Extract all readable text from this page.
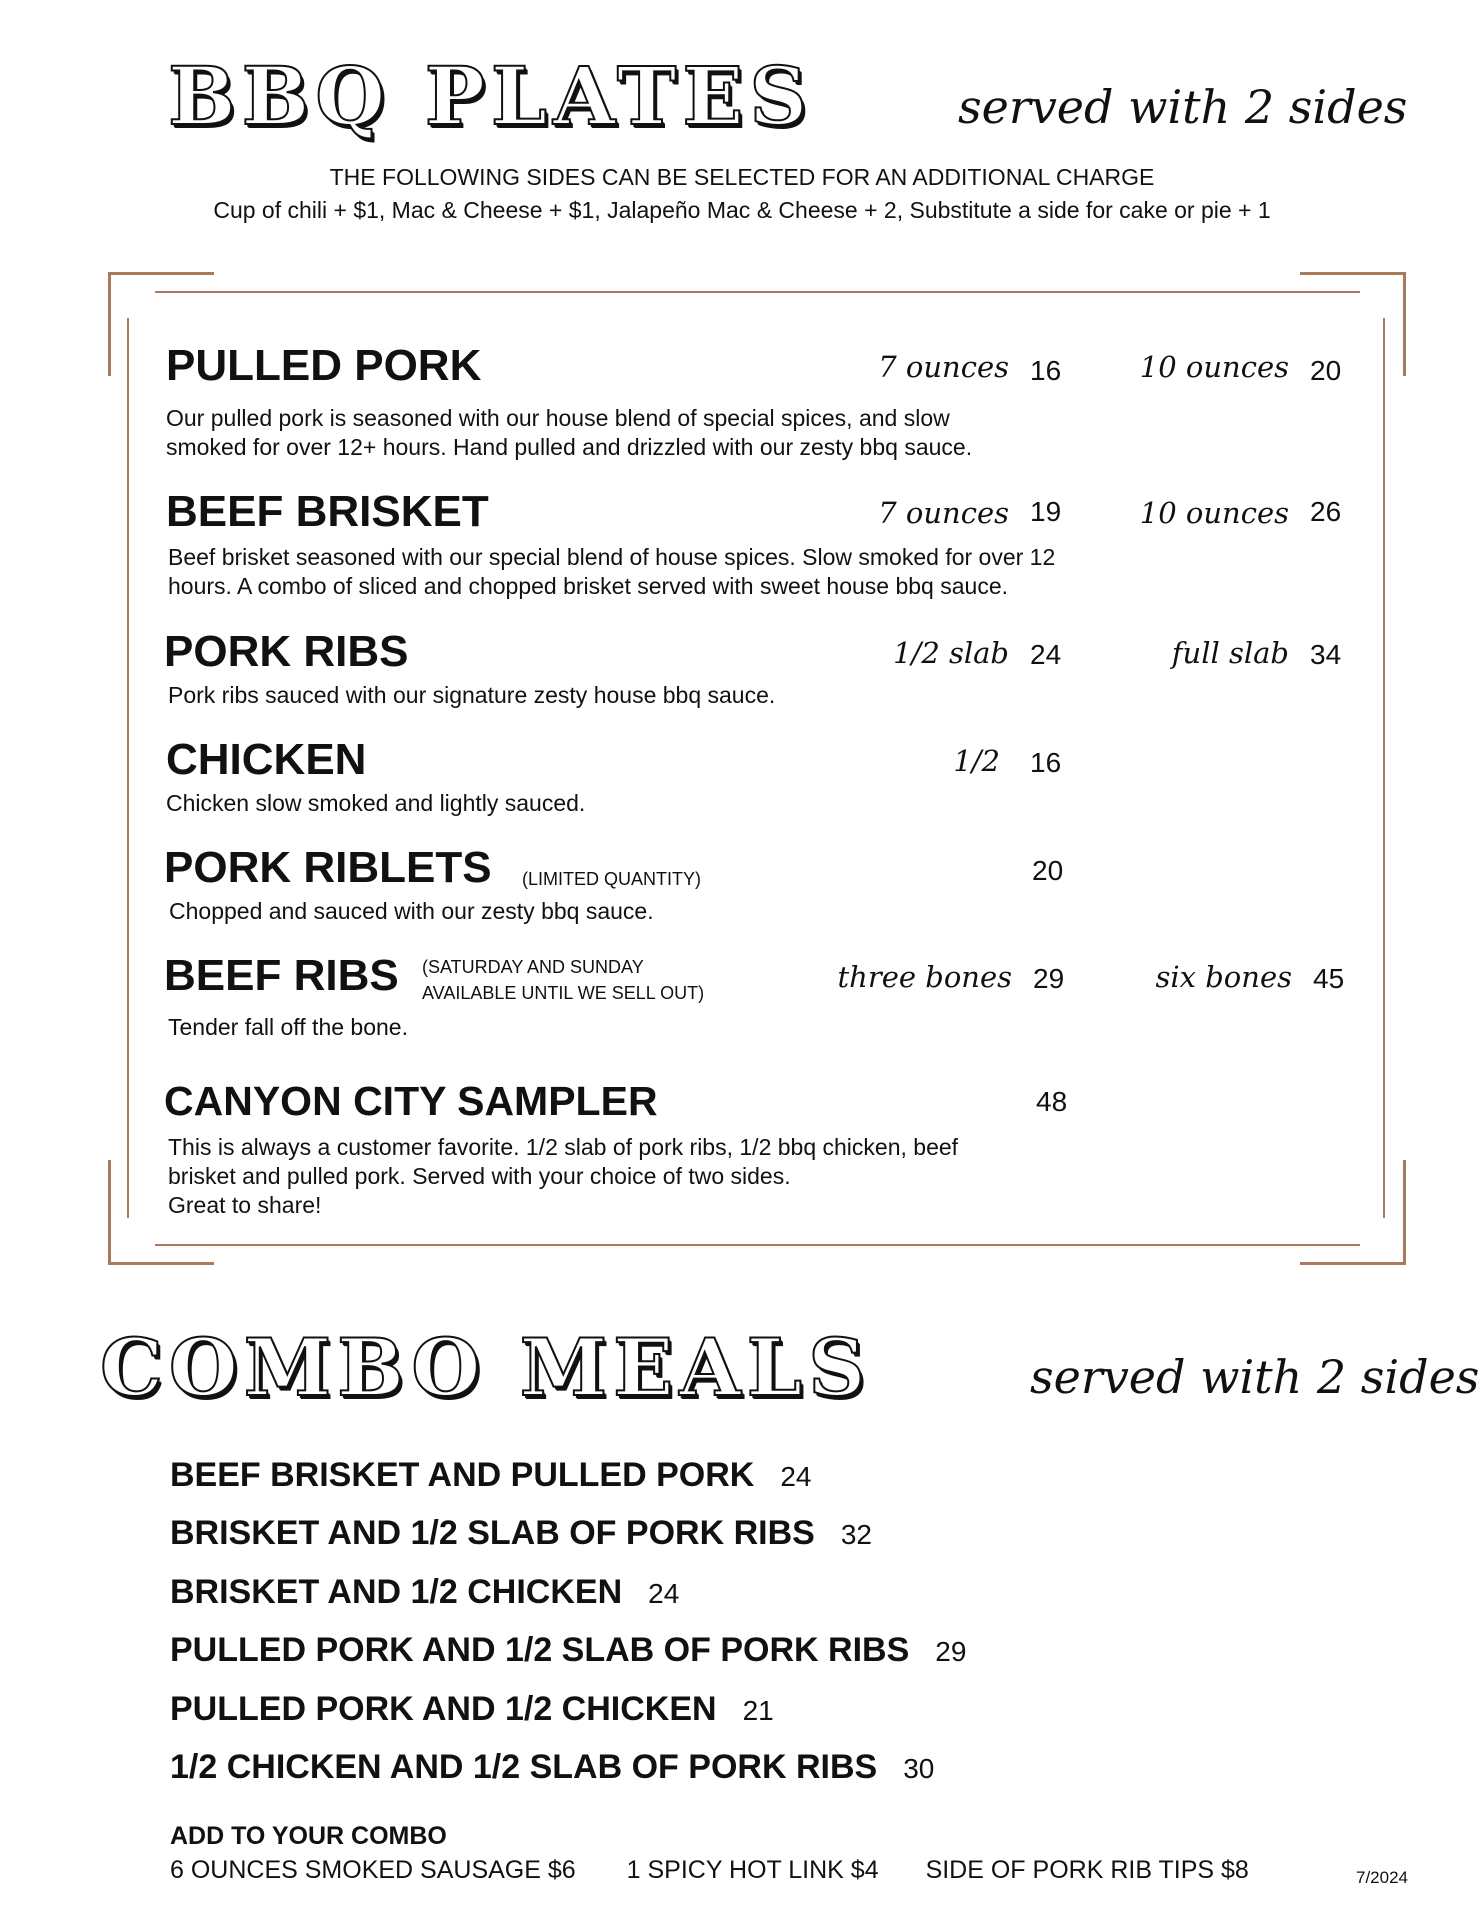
BBQ PLATES	served with 2 sides
THE FOLLOWING SIDES CAN BE SELECTED FOR AN ADDITIONAL CHARGE
Cup of chili + $1, Mac & Cheese + $1, Jalapeño Mac & Cheese + 2, Substitute a side for cake or pie + 1
PULLED PORK
Our pulled pork is seasoned with our house blend of special spices, and slow
smoked for over 12+ hours. Hand pulled and drizzled with our zesty bbq sauce.
7 ounces 16	10 ounces 20
BEEF BRISKET
Beef brisket seasoned with our special blend of house spices. Slow smoked for over 12
hours. A combo of sliced and chopped brisket served with sweet house bbq sauce.
7 ounces 19	10 ounces 26
PORK RIBS
Pork ribs sauced with our signature zesty house bbq sauce.
1/2 slab 24	full slab 34
CHICKEN
Chicken slow smoked and lightly sauced.
1/2 16
PORK RIBLETS (LIMITED QUANTITY)
Chopped and sauced with our zesty bbq sauce.
20
BEEF RIBS (SATURDAY AND SUNDAY
AVAILABLE UNTIL WE SELL OUT)
Tender fall off the bone.
three bones 29	six bones 45
CANYON CITY SAMPLER
This is always a customer favorite. 1/2 slab of pork ribs, 1/2 bbq chicken, beef
brisket and pulled pork. Served with your choice of two sides.
Great to share!
48
COMBO MEALS	served with 2 sides
BEEF BRISKET AND PULLED PORK 24
BRISKET AND 1/2 SLAB OF PORK RIBS 32
BRISKET AND 1/2 CHICKEN 24
PULLED PORK AND 1/2 SLAB OF PORK RIBS 29
PULLED PORK AND 1/2 CHICKEN 21
1/2 CHICKEN AND 1/2 SLAB OF PORK RIBS 30
ADD TO YOUR COMBO
6 OUNCES SMOKED SAUSAGE $6 1 SPICY HOT LINK $4 SIDE OF PORK RIB TIPS $8	7/2024
